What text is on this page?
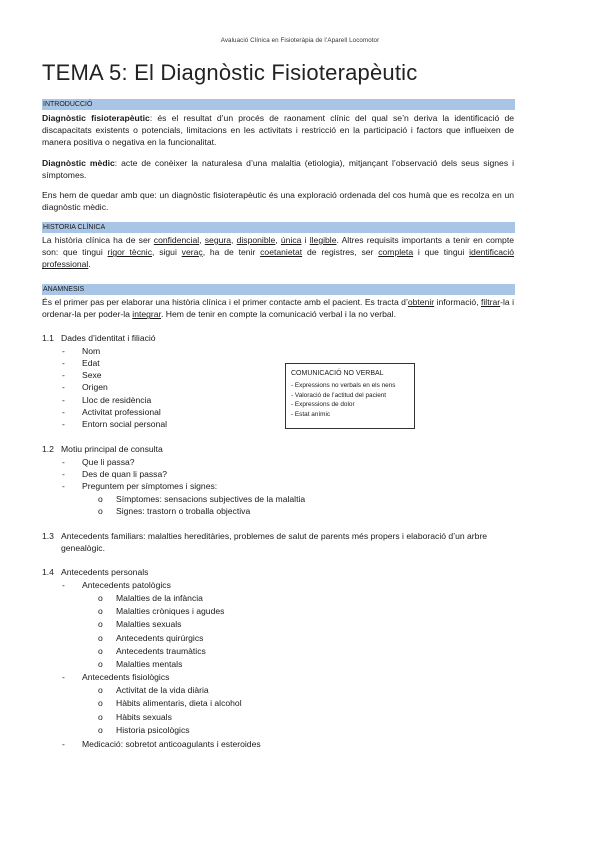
Avaluació Clínica en Fisioteràpia de l’Aparell Locomotor
TEMA 5: El Diagnòstic Fisioterapèutic
INTRODUCCIÓ
Diagnòstic fisioterapèutic: és el resultat d’un procés de raonament clínic del qual se’n deriva la identificació de discapacitats existents o potencials, limitacions en les activitats i restricció en la participació i factors que influeixen de manera positiva o negativa en la funcionalitat.
Diagnòstic mèdic: acte de conèixer la naturalesa d’una malaltia (etiologia), mitjançant l’observació dels seus signes i símptomes.
Ens hem de quedar amb que: un diagnòstic fisioterapèutic és una exploració ordenada del cos humà que es recolza en un diagnòstic mèdic.
HISTORIA CLÍNICA
La història clínica ha de ser confidencial, segura, disponible, única i llegible. Altres requisits importants a tenir en compte son: que tingui rigor tècnic, sigui veraç, ha de tenir coetanietat de registres, ser completa i que tingui identificació professional.
ANAMNESIS
És el primer pas per elaborar una història clínica i el primer contacte amb el pacient. Es tracta d’obtenir informació, filtrar-la i ordenar-la per poder-la integrar. Hem de tenir en compte la comunicació verbal i la no verbal.
1.1 Dades d’identitat i filiació
- Nom
- Edat
- Sexe
- Origen
- Lloc de residència
- Activitat professional
- Entorn social personal
COMUNICACIÓ NO VERBAL
- Expressions no verbals en els nens
- Valoració de l’actitud del pacient
- Expressions de dolor
- Estat anímic
1.2 Motiu principal de consulta
- Que li passa?
- Des de quan li passa?
- Preguntem per símptomes i signes:
o Símptomes: sensacions subjectives de la malaltia
o Signes: trastorn o troballa objectiva
1.3 Antecedents familiars: malalties hereditàries, problemes de salut de parents més propers i elaboració d’un arbre
genealògic.
1.4 Antecedents personals
- Antecedents patològics
o Malalties de la infància
o Malalties cròniques i agudes
o Malalties sexuals
o Antecedents quirúrgics
o Antecedents traumàtics
o Malalties mentals
- Antecedents fisiològics
o Activitat de la vida diària
o Hàbits alimentaris, dieta i alcohol
o Hàbits sexuals
o Historia psicològics
- Medicació: sobretot anticoagulants i esteroides
